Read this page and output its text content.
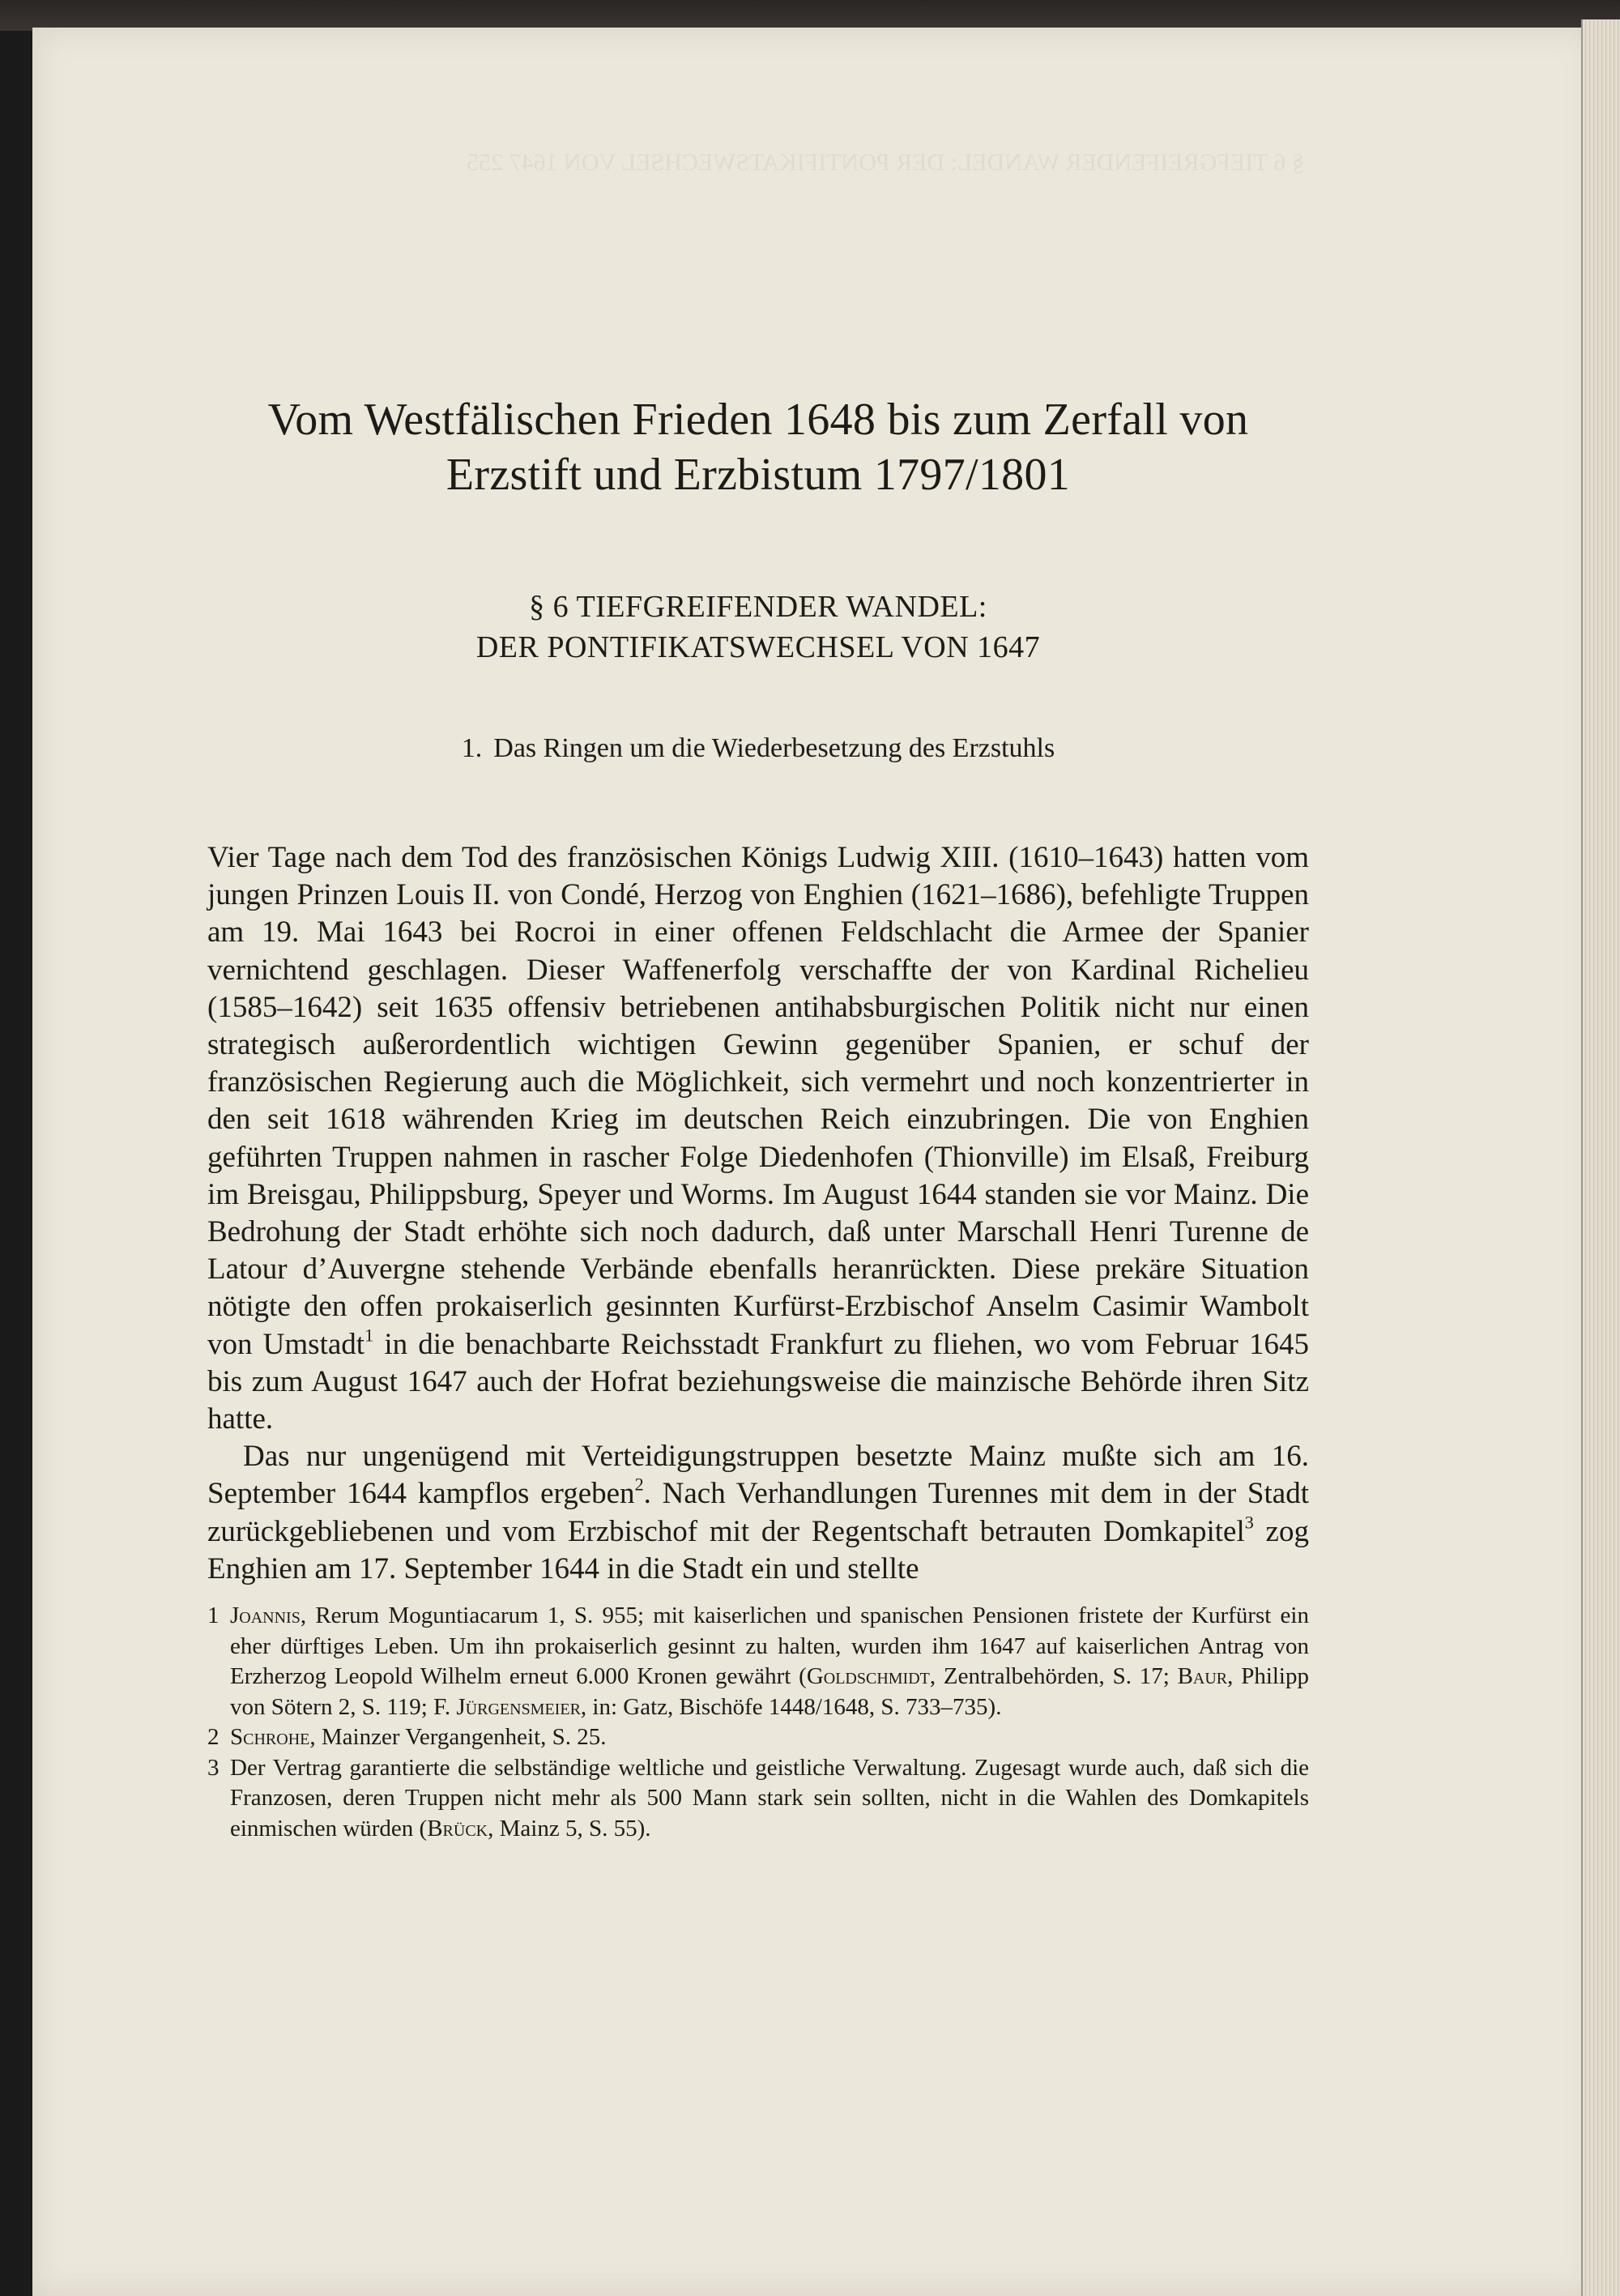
§ 6 TIEFGREIFENDER WANDEL: DER PONTIFIKATSWECHSEL VON 1647 255
Vom Westfälischen Frieden 1648 bis zum Zerfall von
Erzstift und Erzbistum 1797/1801
§ 6 TIEFGREIFENDER WANDEL:
DER PONTIFIKATSWECHSEL VON 1647
1. Das Ringen um die Wiederbesetzung des Erzstuhls

Vier Tage nach dem Tod des französischen Königs Ludwig XIII. (1610–1643) hatten vom jungen Prinzen Louis II. von Condé, Herzog von Enghien (1621–1686), befehligte Truppen am 19. Mai 1643 bei Rocroi in einer offenen Feldschlacht die Armee der Spanier vernichtend geschlagen. Dieser Waffenerfolg verschaffte der von Kardinal Richelieu (1585–1642) seit 1635 offensiv betriebenen antihabsburgischen Politik nicht nur einen strategisch außerordentlich wichtigen Gewinn gegenüber Spanien, er schuf der französischen Regierung auch die Möglichkeit, sich vermehrt und noch konzentrierter in den seit 1618 währenden Krieg im deutschen Reich einzubringen. Die von Enghien geführten Truppen nahmen in rascher Folge Diedenhofen (Thionville) im Elsaß, Freiburg im Breisgau, Philippsburg, Speyer und Worms. Im August 1644 standen sie vor Mainz. Die Bedrohung der Stadt erhöhte sich noch dadurch, daß unter Marschall Henri Turenne de Latour d’Auvergne stehende Verbände ebenfalls heranrückten. Diese prekäre Situation nötigte den offen prokaiserlich gesinnten Kurfürst-Erzbischof Anselm Casimir Wambolt von Umstadt$^1$ in die benachbarte Reichsstadt Frankfurt zu fliehen, wo vom Februar 1645 bis zum August 1647 auch der Hofrat beziehungsweise die mainzische Behörde ihren Sitz hatte.

Das nur ungenügend mit Verteidigungstruppen besetzte Mainz mußte sich am 16. September 1644 kampflos ergeben$^2$. Nach Verhandlungen Turennes mit dem in der Stadt zurückgebliebenen und vom Erzbischof mit der Regentschaft betrauten Domkapitel$^3$ zog Enghien am 17. September 1644 in die Stadt ein und stellte

1 Joannis, Rerum Moguntiacarum 1, S. 955; mit kaiserlichen und spanischen Pensionen fristete der Kurfürst ein eher dürftiges Leben. Um ihn prokaiserlich gesinnt zu halten, wurden ihm 1647 auf kaiserlichen Antrag von Erzherzog Leopold Wilhelm erneut 6.000 Kronen gewährt (Goldschmidt, Zentralbehörden, S. 17; Baur, Philipp von Sötern 2, S. 119; F. Jürgensmeier, in: Gatz, Bischöfe 1448/1648, S. 733–735).
2 Schrohe, Mainzer Vergangenheit, S. 25.
3 Der Vertrag garantierte die selbständige weltliche und geistliche Verwaltung. Zugesagt wurde auch, daß sich die Franzosen, deren Truppen nicht mehr als 500 Mann stark sein sollten, nicht in die Wahlen des Domkapitels einmischen würden (Brück, Mainz 5, S. 55).
